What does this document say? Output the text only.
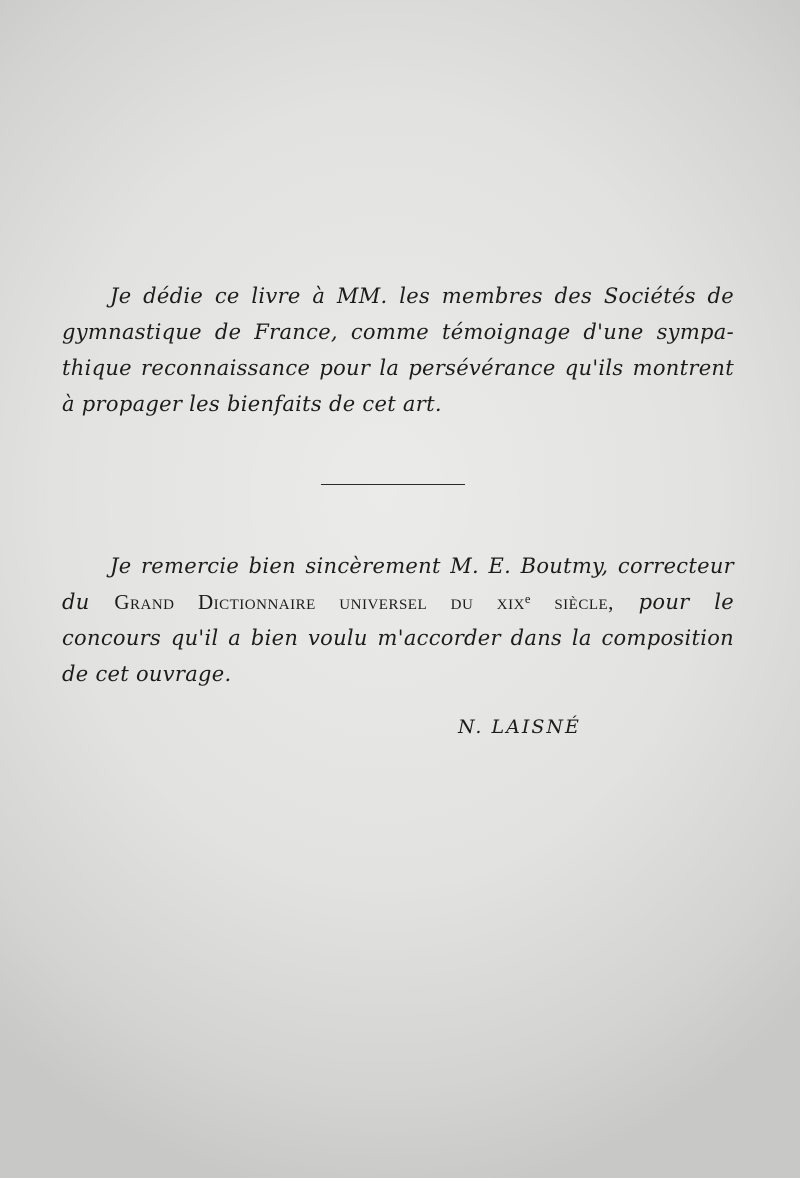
Je dédie ce livre à MM. les membres des Sociétés de
gymnastique de France, comme témoignage d'une sympa-
thique reconnaissance pour la persévérance qu'ils montrent
à propager les bienfaits de cet art.
Je remercie bien sincèrement M. E. Boutmy, correcteur
du Grand Dictionnaire universel du xixᵉ siècle, pour le
concours qu'il a bien voulu m'accorder dans la composition
de cet ouvrage.
N. LAISNÉ
